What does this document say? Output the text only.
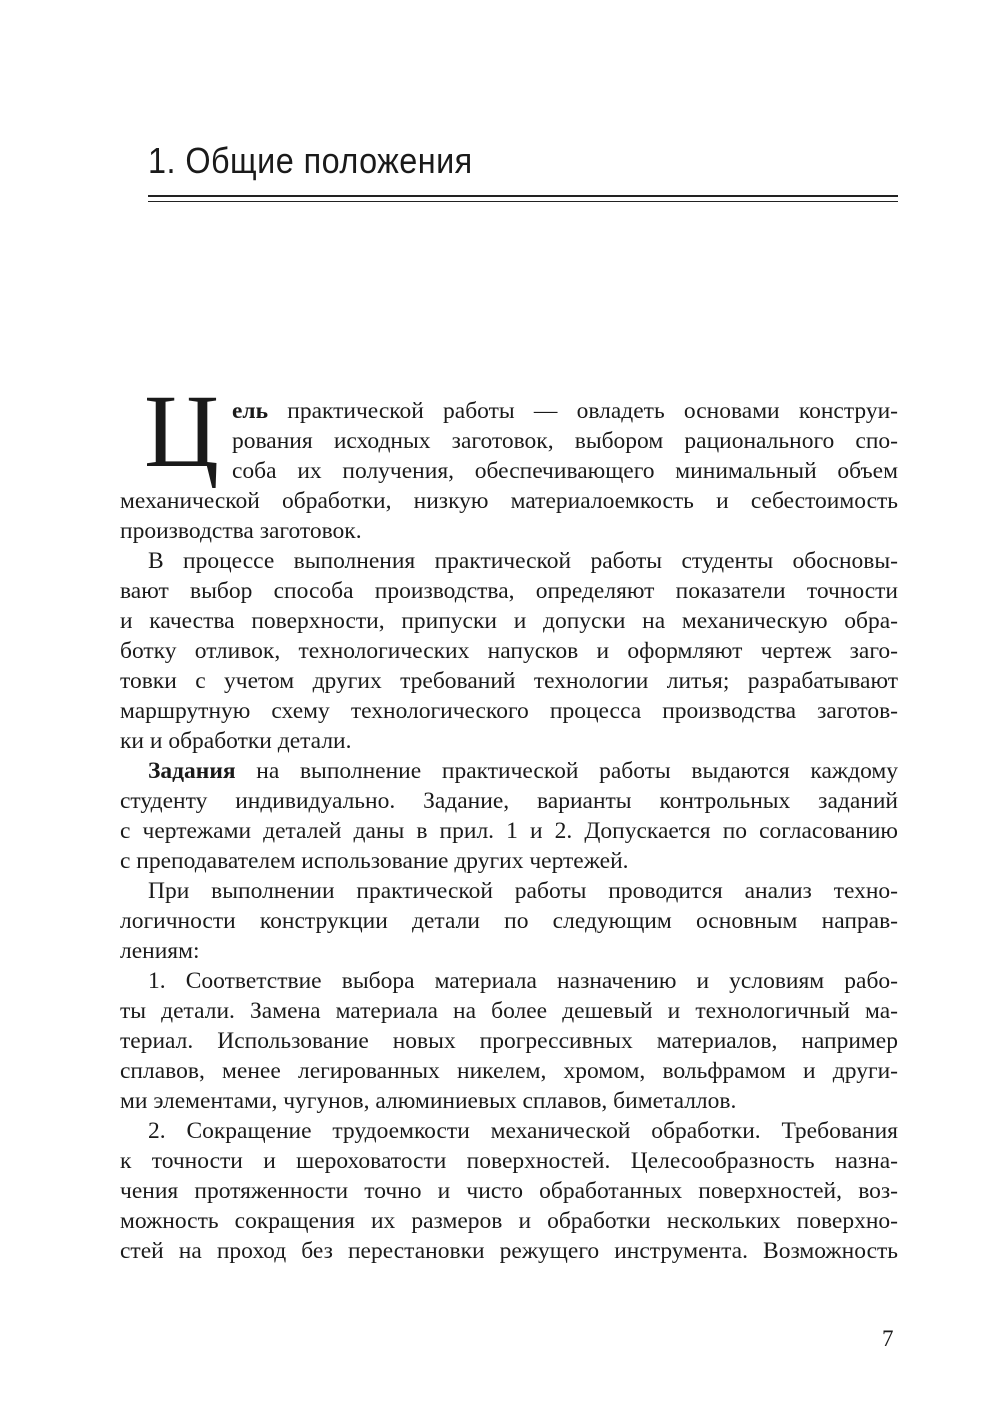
1. Общие положения
Ц ель практической работы — овладеть основами конструи-
рования исходных заготовок, выбором рационального спо-
соба их получения, обеспечивающего минимальный объем
механической обработки, низкую материалоемкость и себестоимость
производства заготовок.
В процессе выполнения практической работы студенты обосновы-
вают выбор способа производства, определяют показатели точности
и качества поверхности, припуски и допуски на механическую обра-
ботку отливок, технологических напусков и оформляют чертеж заго-
товки с учетом других требований технологии литья; разрабатывают
маршрутную схему технологического процесса производства заготов-
ки и обработки детали.
Задания на выполнение практической работы выдаются каждому
студенту индивидуально. Задание, варианты контрольных заданий
с чертежами деталей даны в прил. 1 и 2. Допускается по согласованию
с преподавателем использование других чертежей.
При выполнении практической работы проводится анализ техно-
логичности конструкции детали по следующим основным направ-
лениям:
1. Соответствие выбора материала назначению и условиям рабо-
ты детали. Замена материала на более дешевый и технологичный ма-
териал. Использование новых прогрессивных материалов, например
сплавов, менее легированных никелем, хромом, вольфрамом и други-
ми элементами, чугунов, алюминиевых сплавов, биметаллов.
2. Сокращение трудоемкости механической обработки. Требования
к точности и шероховатости поверхностей. Целесообразность назна-
чения протяженности точно и чисто обработанных поверхностей, воз-
можность сокращения их размеров и обработки нескольких поверхно-
стей на проход без перестановки режущего инструмента. Возможность
7
